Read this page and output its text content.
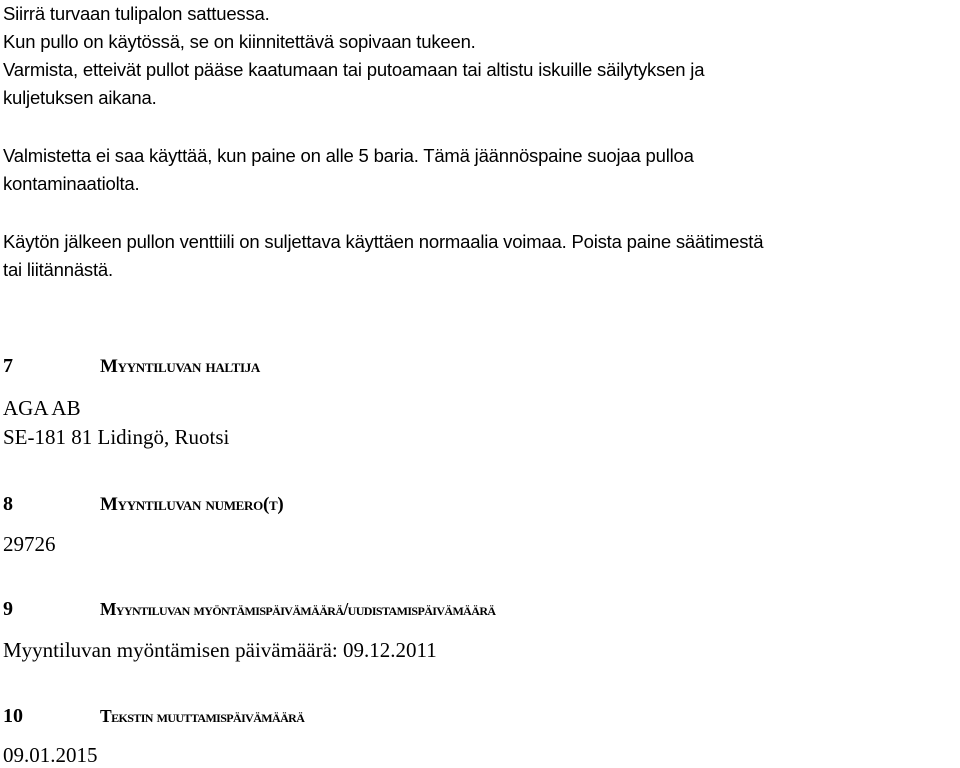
Siirrä turvaan tulipalon sattuessa.
Kun pullo on käytössä, se on kiinnitettävä sopivaan tukeen.
Varmista, etteivät pullot pääse kaatumaan tai putoamaan tai altistu iskuille säilytyksen ja
kuljetuksen aikana.
Valmistetta ei saa käyttää, kun paine on alle 5 baria. Tämä jäännöspaine suojaa pulloa
kontaminaatiolta.
Käytön jälkeen pullon venttiili on suljettava käyttäen normaalia voimaa. Poista paine säätimestä
tai liitännästä.
7	Myyntiluvan haltija
AGA AB
SE-181 81 Lidingö, Ruotsi
8	Myyntiluvan numero(t)
29726
9	Myyntiluvan myöntämispäivämäärä/uudistamispäivämäärä
Myyntiluvan myöntämisen päivämäärä: 09.12.2011
10	Tekstin muuttamispäivämäärä
09.01.2015
